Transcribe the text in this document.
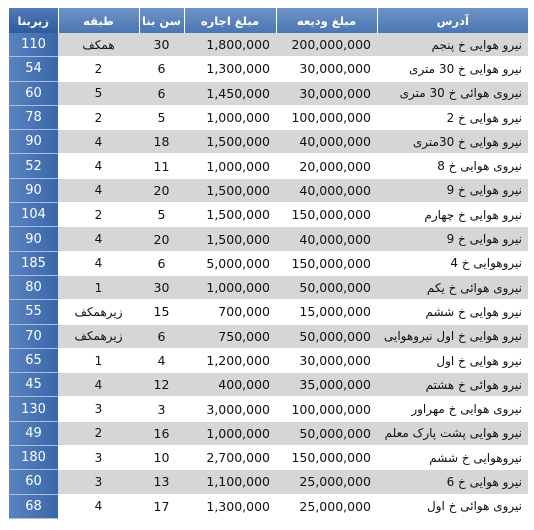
زیربنا	طبقه	سن بنا	مبلغ اجاره	مبلغ ودیعه	آدرس
110	همکف	30	1,800,000	200,000,000	نیرو هوایی خ پنجم
54	2	6	1,300,000	30,000,000	نیرو هوایی خ 30 متری
60	5	6	1,450,000	30,000,000	نیروی هوائی خ 30 متری
78	2	5	1,000,000	100,000,000	نیرو هوایی خ 2
90	4	18	1,500,000	40,000,000	نیرو هوایی خ 30متری
52	4	11	1,000,000	20,000,000	نیروی هوایی خ 8
90	4	20	1,500,000	40,000,000	نیرو هوایی خ 9
104	2	5	1,500,000	150,000,000	نیرو هوایی خ چهارم
90	4	20	1,500,000	40,000,000	نیرو هوایی خ 9
185	4	6	5,000,000	150,000,000	نیروهوایی خ 4
80	1	30	1,000,000	50,000,000	نیروی هوائی خ یکم
55	زیرهمکف	15	700,000	15,000,000	نیرو هوایی خ ششم
70	زیرهمکف	6	750,000	50,000,000	نیرو هوایی خ اول نیروهوایی
65	1	4	1,200,000	30,000,000	نیرو هوایی خ اول
45	4	12	400,000	35,000,000	نیرو هوائی خ هشتم
130	3	3	3,000,000	100,000,000	نیروی هوایی خ مهراور
49	2	16	1,000,000	50,000,000	نیرو هوایی پشت پارک معلم
180	3	10	2,700,000	150,000,000	نیروهوایی خ ششم
60	3	13	1,100,000	25,000,000	نیرو هوایی خ 6
68	4	17	1,300,000	25,000,000	نیروی هوائی خ اول
